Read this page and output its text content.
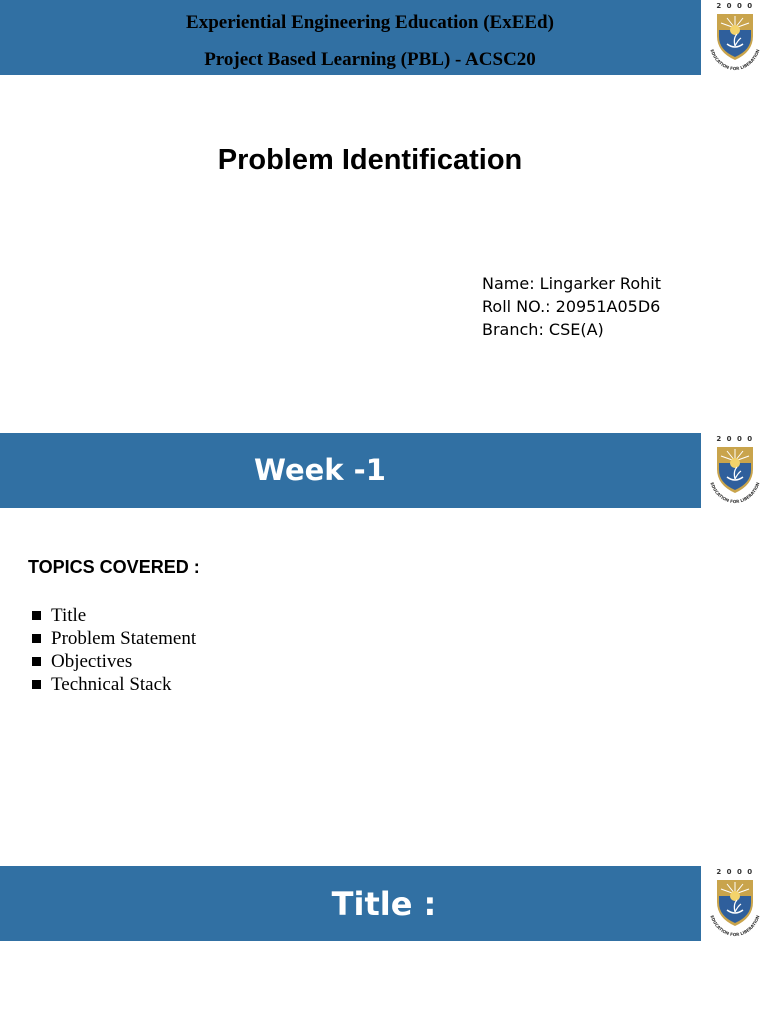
Experiential Engineering Education (ExEEd)
Project Based Learning (PBL) - ACSC20
2 0 0 0
EDUCATION FOR LIBERATION
Problem Identification
Name: Lingarker Rohit
Roll NO.: 20951A05D6
Branch: CSE(A)
Week -1
2 0 0 0
EDUCATION FOR LIBERATION
TOPICS COVERED :
Title
Problem Statement
Objectives
Technical Stack
Title :
2 0 0 0
EDUCATION FOR LIBERATION
